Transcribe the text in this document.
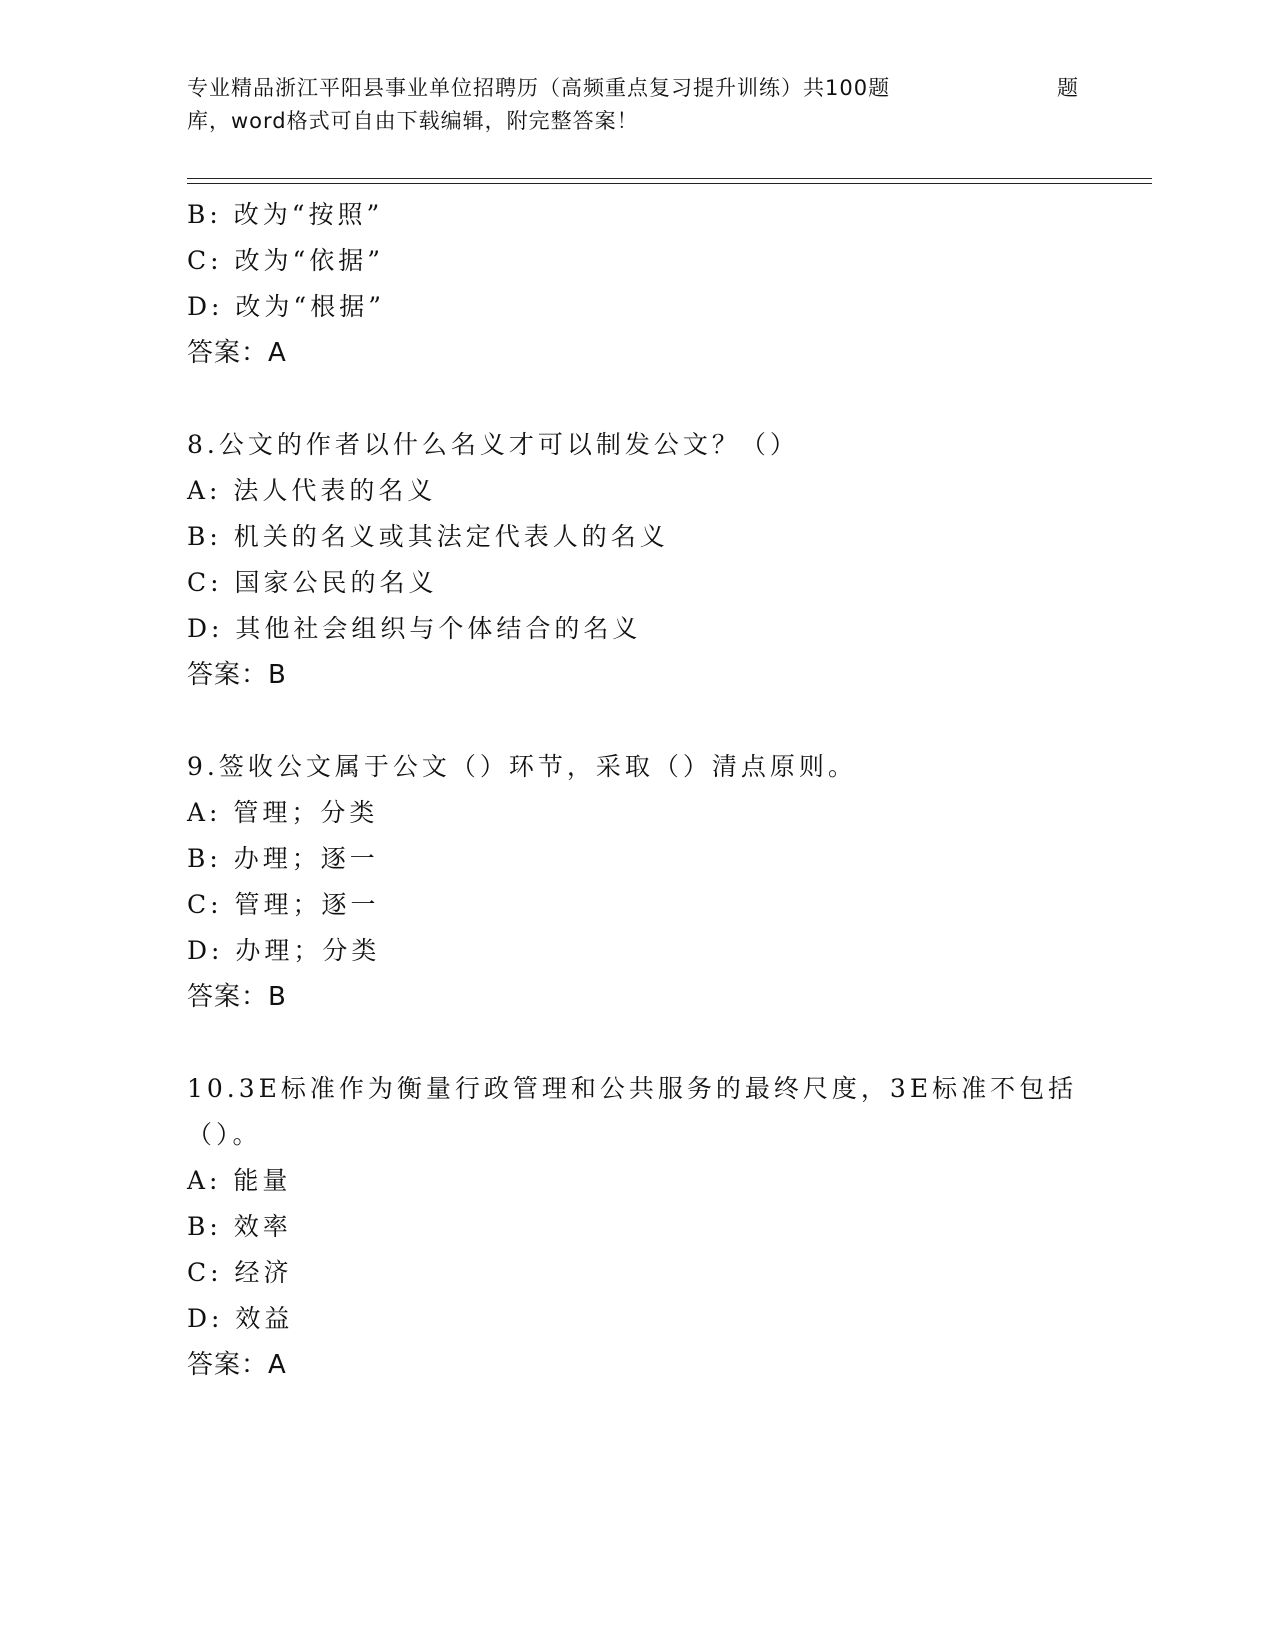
专业精品浙江平阳县事业单位招聘历（高频重点复习提升训练）共100题	题
库，word格式可自由下载编辑，附完整答案！
B: 改为“按照”
C: 改为“依据”
D: 改为“根据”
答案：A
8.公文的作者以什么名义才可以制发公文？（）
A: 法人代表的名义
B: 机关的名义或其法定代表人的名义
C: 国家公民的名义
D: 其他社会组织与个体结合的名义
答案：B
9.签收公文属于公文（）环节，采取（）清点原则。
A: 管理；分类
B: 办理；逐一
C: 管理；逐一
D: 办理；分类
答案：B
10.3E标准作为衡量行政管理和公共服务的最终尺度，3E标准不包括
（）。
A: 能量
B: 效率
C: 经济
D: 效益
答案：A
